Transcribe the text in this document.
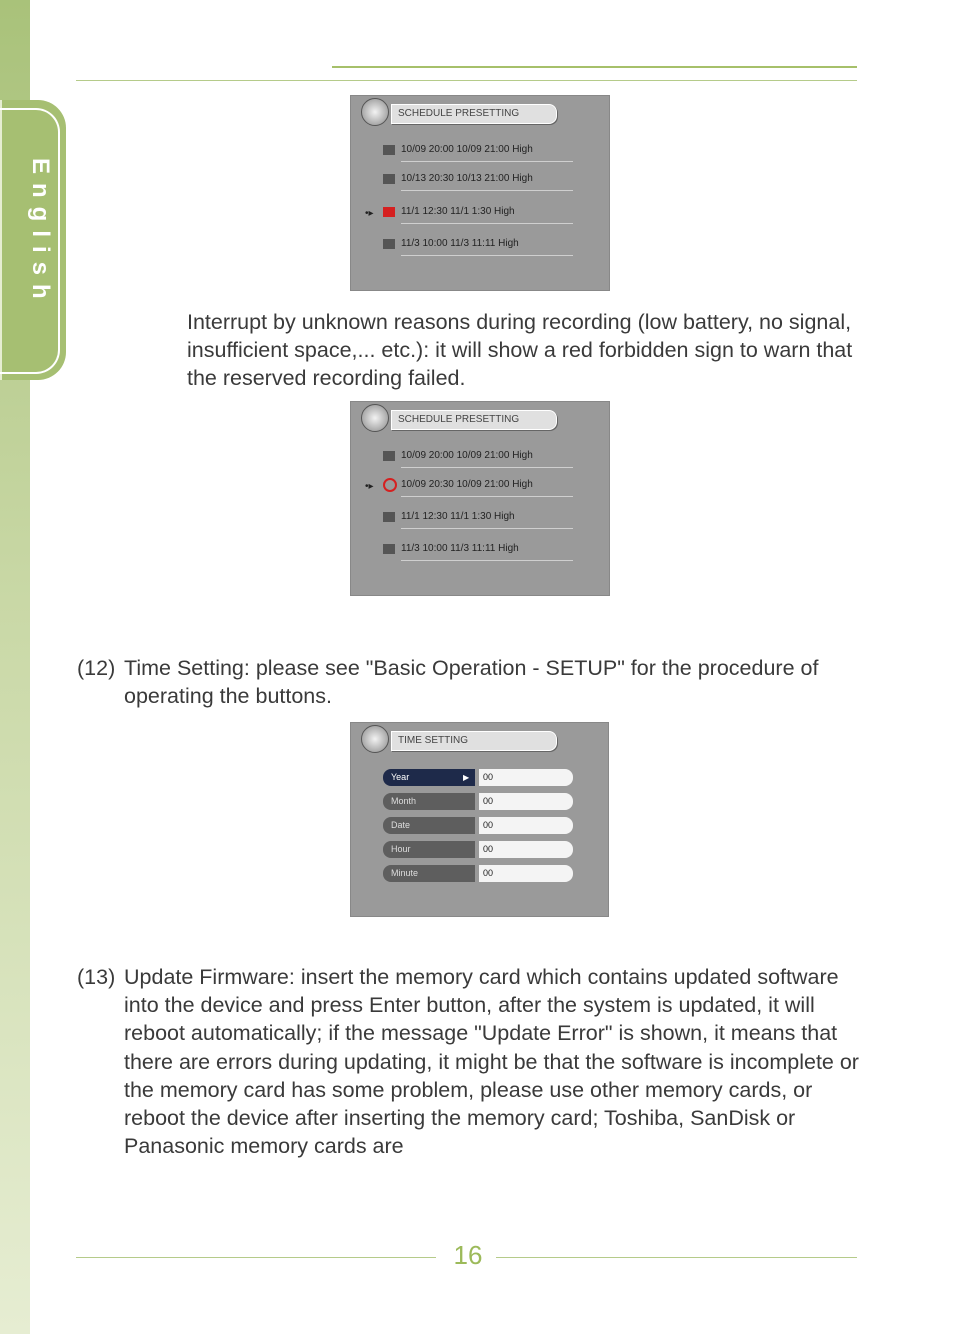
English
SCHEDULE PRESETTING
10/09 20:00 10/09 21:00 High
10/13 20:30 10/13 21:00 High
•▸	11/1 12:30 11/1 1:30 High
11/3 10:00 11/3 11:11 High
Interrupt by unknown reasons during recording (low battery, no signal, insufficient space,... etc.): it will show a red forbidden sign to warn that the reserved recording failed.
SCHEDULE PRESETTING
10/09 20:00 10/09 21:00 High
•▸	10/09 20:30 10/09 21:00 High
11/1 12:30 11/1 1:30 High
11/3 10:00 11/3 11:11 High
(12) Time Setting: please see "Basic Operation - SETUP" for the procedure of operating the buttons.
TIME SETTING
Year	▶	00
Month	00
Date	00
Hour	00
Minute	00
(13) Update Firmware: insert the memory card which contains updated software into the device and press Enter button, after the system is updated, it will reboot automatically; if the message "Update Error" is shown, it means that there are errors during updating, it might be that the software is incomplete or the memory card has some problem, please use other memory cards, or reboot the device after inserting the memory card; Toshiba, SanDisk or Panasonic memory cards are
16
